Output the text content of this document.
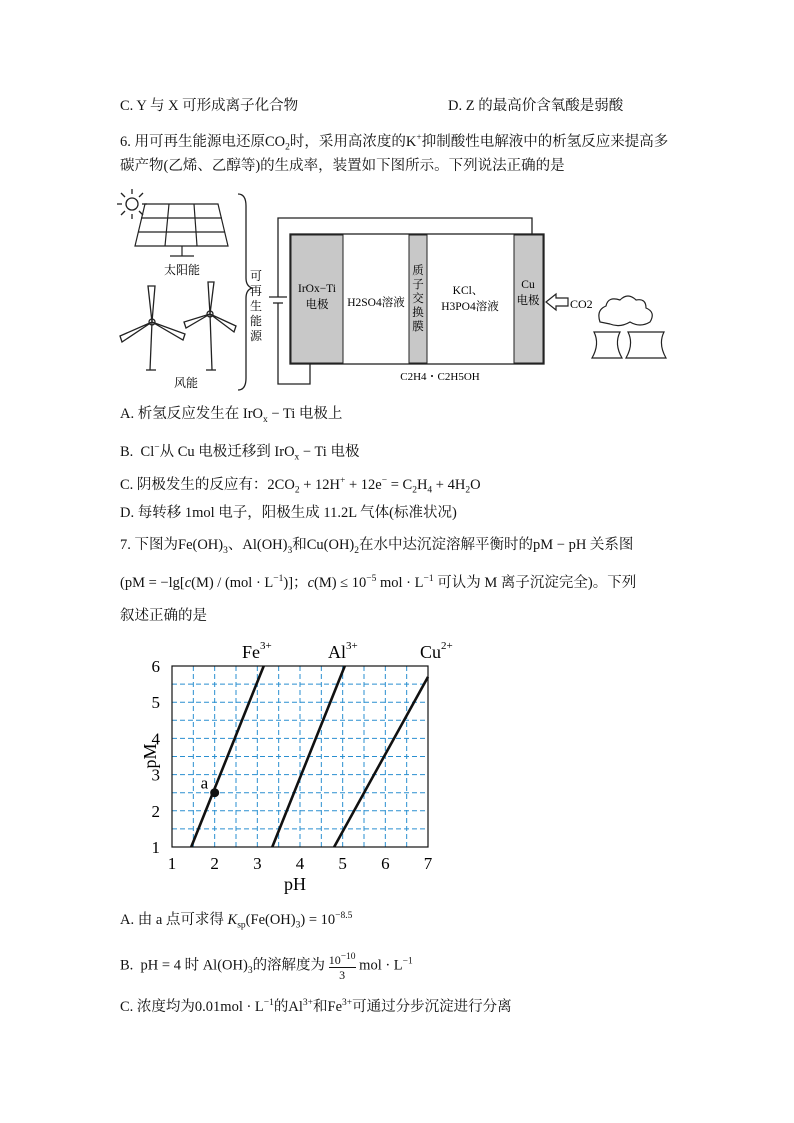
C. Y 与 X 可形成离子化合物	D. Z 的最高价含氧酸是弱酸
6. 用可再生能源电还原$CO_2$时，采用高浓度的K+抑制酸性电解液中的析氢反应来提高多
碳产物(乙烯、乙醇等)的生成率，装置如下图所示。下列说法正确的是
太阳能
风能
可
再
生
能
源
IrOx−Ti
电极 H2SO4溶液
质
子
交
换
膜
KCl、
H3PO4溶液
Cu
电极	CO2
C2H4・C2H5OH
A. 析氢反应发生在 IrO$_x$ − Ti 电极上
B.  Cl−从 Cu 电极迁移到 IrO$_x$ − Ti 电极
C. 阴极发生的反应有：$2CO_2 + 12H^+ + 12e^- = C_2H_4 + 4H_2O$
D. 每转移 1mol 电子，阳极生成 11.2L 气体(标准状况)
7. 下图为$Fe(OH)_3$、$Al(OH)_3$和$Cu(OH)_2$在水中达沉淀溶解平衡时的pM − pH 关系图
($pM = -\lg[c(M) / (mol \cdot L^{-1})]$；$c(M) \le 10^{-5}$ mol · $L^{-1}$ 可认为 M 离子沉淀完全)。下列
叙述正确的是
a
$Fe^{3+}$	$Al^{3+}$	$Cu^{2+}$
1 2 3 4 5 6 7
1
2
3
4
5
6
pH
pM
A. 由 a 点可求得 $K_{sp}(Fe(OH)_3) = 10^{-8.5}$
B.  pH = 4 时 $Al(OH)_3$的溶解度为 $\frac{10^{-10}}{3}$ mol · $L^{-1}$
C. 浓度均为$0.01mol \cdot L^{-1}$的$Al^{3+}$和$Fe^{3+}$可通过分步沉淀进行分离
